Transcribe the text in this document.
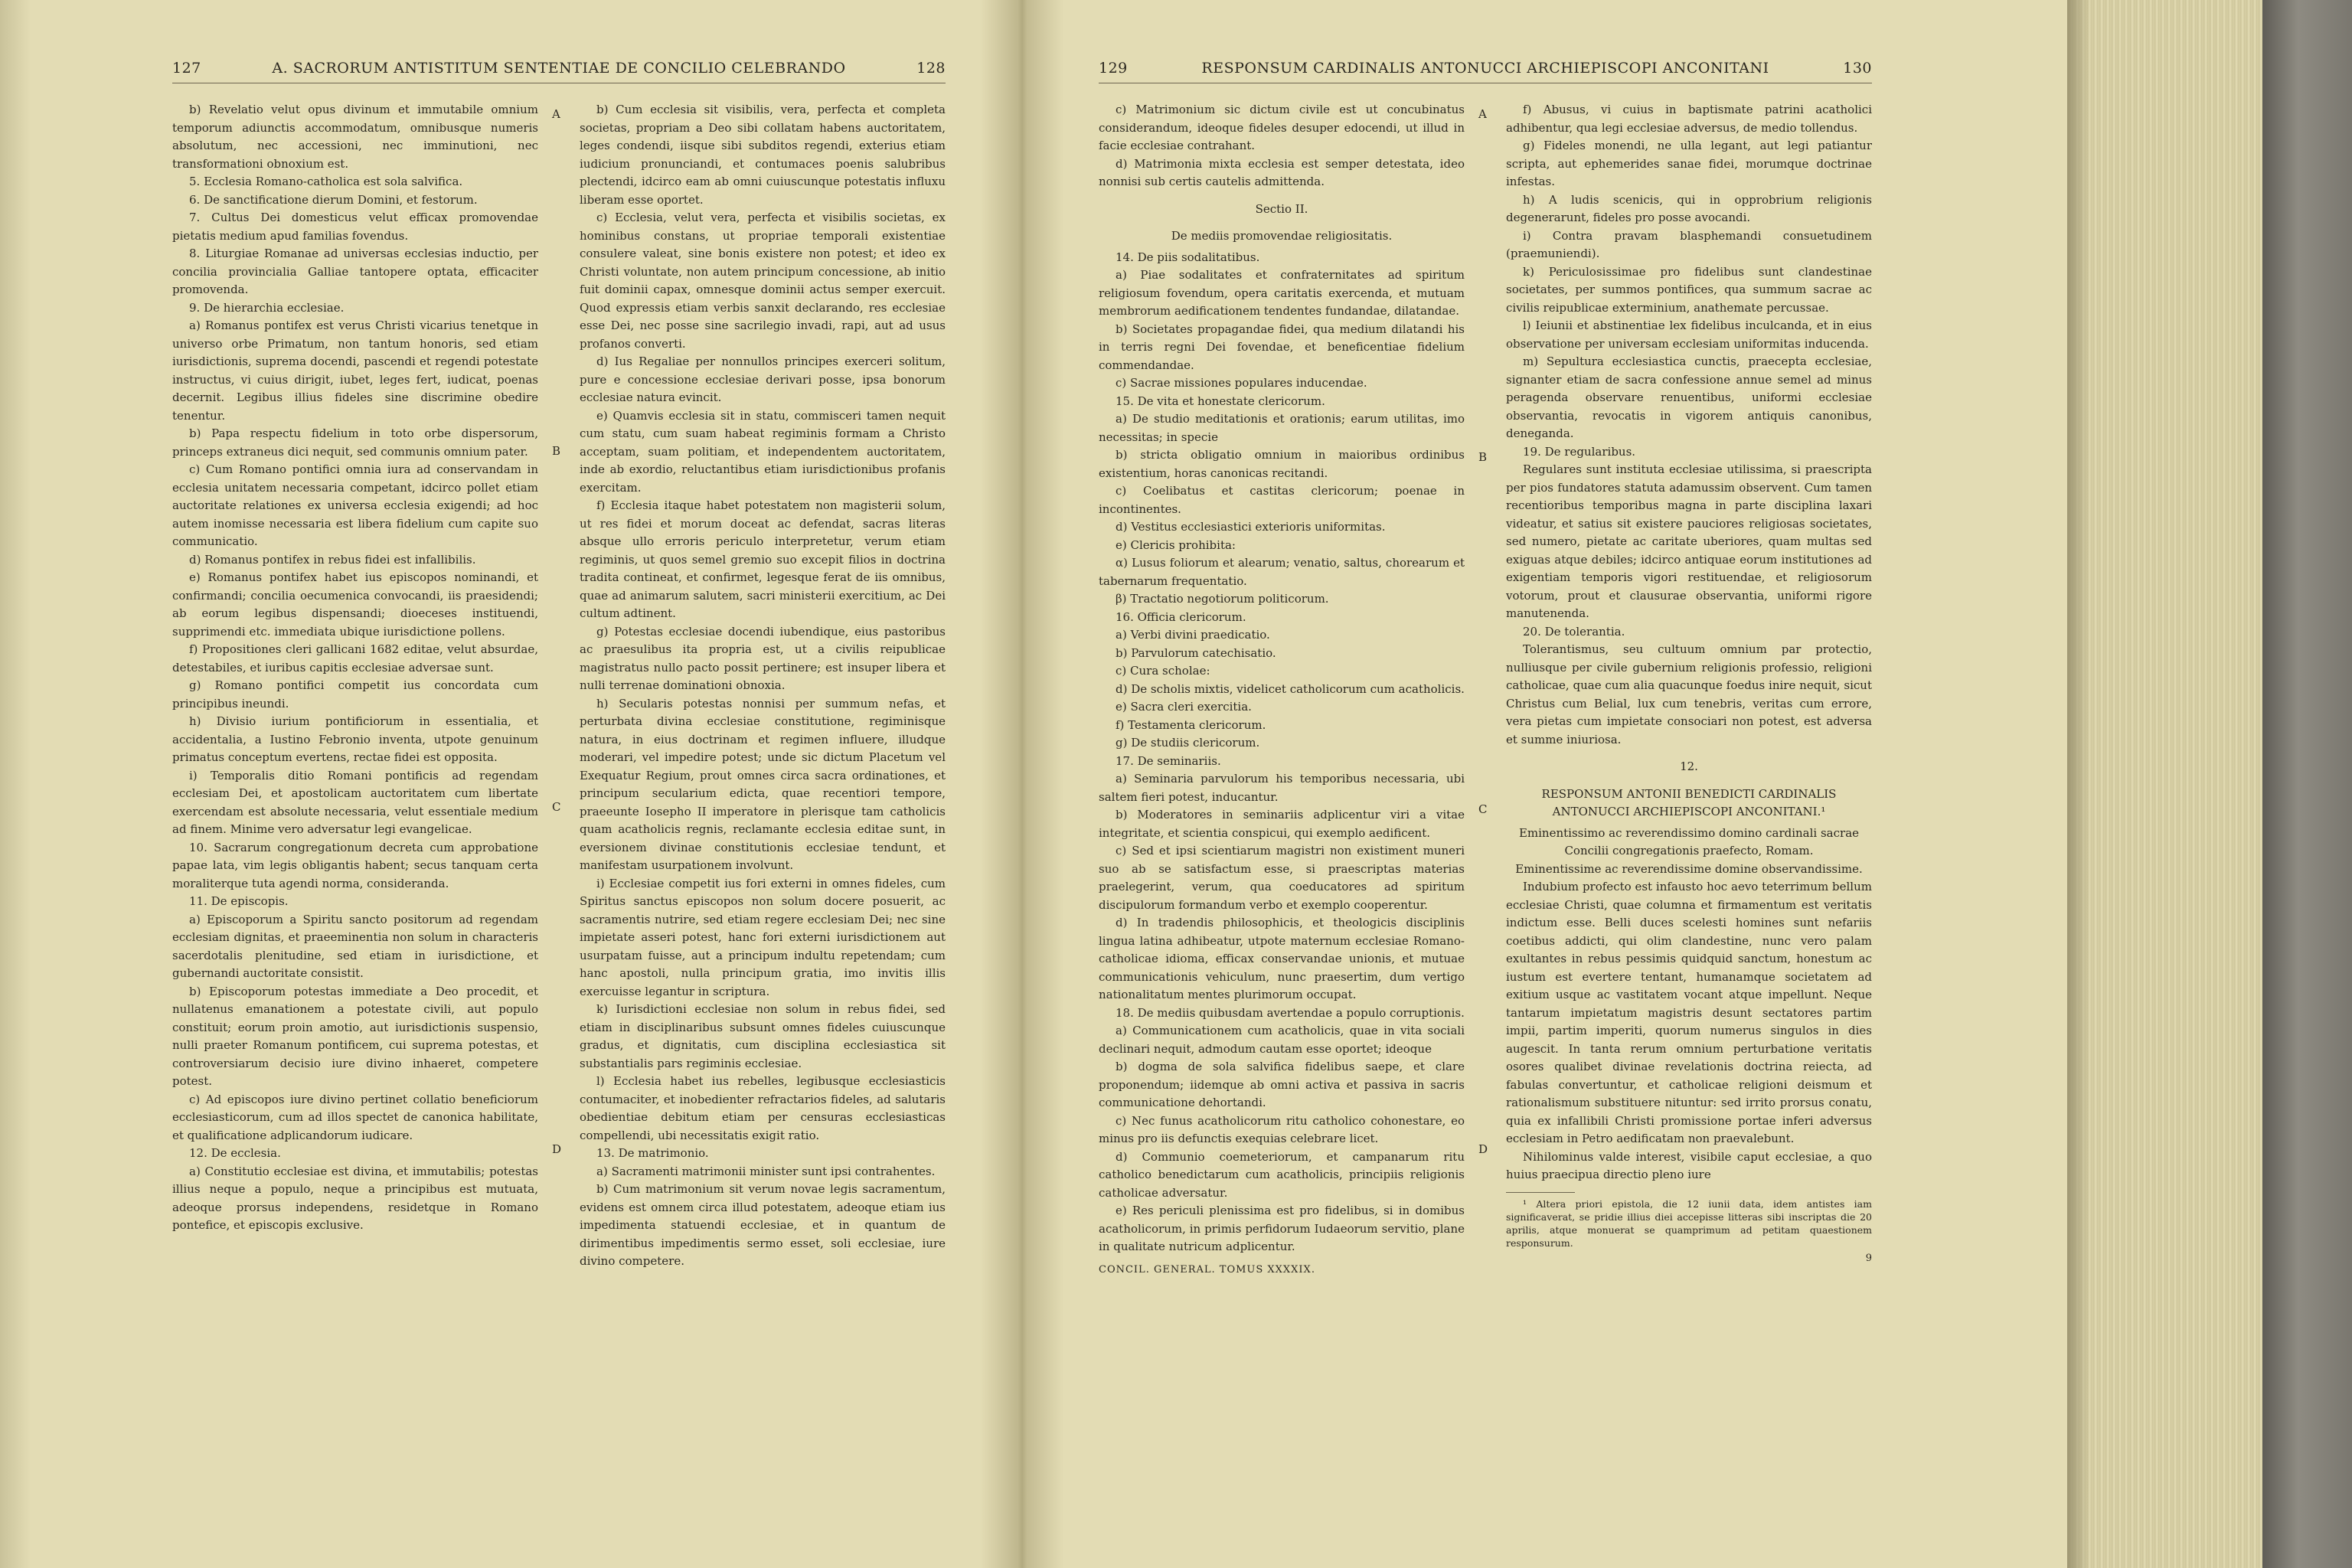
127	A. SACRORUM ANTISTITUM SENTENTIAE DE CONCILIO CELEBRANDO	128

b) Revelatio velut opus divinum et immutabile omnium temporum adiunctis accommodatum, omnibusque numeris absolutum, nec accessioni, nec imminutioni, nec transformationi obnoxium est.

5. Ecclesia Romano-catholica est sola salvifica.

6. De sanctificatione dierum Domini, et festorum.

7. Cultus Dei domesticus velut efficax promovendae pietatis medium apud familias fovendus.

8. Liturgiae Romanae ad universas ecclesias inductio, per concilia provincialia Galliae tantopere optata, efficaciter promovenda.

9. De hierarchia ecclesiae.

a) Romanus pontifex est verus Christi vicarius tenetque in universo orbe Primatum, non tantum honoris, sed etiam iurisdictionis, suprema docendi, pascendi et regendi potestate instructus, vi cuius dirigit, iubet, leges fert, iudicat, poenas decernit. Legibus illius fideles sine discrimine obedire tenentur.

b) Papa respectu fidelium in toto orbe dispersorum, princeps extraneus dici nequit, sed communis omnium pater.

c) Cum Romano pontifici omnia iura ad conservandam in ecclesia unitatem necessaria competant, idcirco pollet etiam auctoritate relationes ex universa ecclesia exigendi; ad hoc autem inomisse necessaria est libera fidelium cum capite suo communicatio.

d) Romanus pontifex in rebus fidei est infallibilis.

e) Romanus pontifex habet ius episcopos nominandi, et confirmandi; concilia oecumenica convocandi, iis praesidendi; ab eorum legibus dispensandi; dioeceses instituendi, supprimendi etc. immediata ubique iurisdictione pollens.

f) Propositiones cleri gallicani 1682 editae, velut absurdae, detestabiles, et iuribus capitis ecclesiae adversae sunt.

g) Romano pontifici competit ius concordata cum principibus ineundi.

h) Divisio iurium pontificiorum in essentialia, et accidentalia, a Iustino Febronio inventa, utpote genuinum primatus conceptum evertens, rectae fidei est opposita.

i) Temporalis ditio Romani pontificis ad regendam ecclesiam Dei, et apostolicam auctoritatem cum libertate exercendam est absolute necessaria, velut essentiale medium ad finem. Minime vero adversatur legi evangelicae.

10. Sacrarum congregationum decreta cum approbatione papae lata, vim legis obligantis habent; secus tanquam certa moraliterque tuta agendi norma, consideranda.

11. De episcopis.

a) Episcoporum a Spiritu sancto positorum ad regendam ecclesiam dignitas, et praeeminentia non solum in characteris sacerdotalis plenitudine, sed etiam in iurisdictione, et gubernandi auctoritate consistit.

b) Episcoporum potestas immediate a Deo procedit, et nullatenus emanationem a potestate civili, aut populo constituit; eorum proin amotio, aut iurisdictionis suspensio, nulli praeter Romanum pontificem, cui suprema potestas, et controversiarum decisio iure divino inhaeret, competere potest.

c) Ad episcopos iure divino pertinet collatio beneficiorum ecclesiasticorum, cum ad illos spectet de canonica habilitate, et qualificatione adplicandorum iudicare.

12. De ecclesia.

a) Constitutio ecclesiae est divina, et immutabilis; potestas illius neque a populo, neque a principibus est mutuata, adeoque prorsus independens, residetque in Romano pontefice, et episcopis exclusive.

b) Cum ecclesia sit visibilis, vera, perfecta et completa societas, propriam a Deo sibi collatam habens auctoritatem, leges condendi, iisque sibi subditos regendi, exterius etiam iudicium pronunciandi, et contumaces poenis salubribus plectendi, idcirco eam ab omni cuiuscunque potestatis influxu liberam esse oportet.

c) Ecclesia, velut vera, perfecta et visibilis societas, ex hominibus constans, ut propriae temporali existentiae consulere valeat, sine bonis existere non potest; et ideo ex Christi voluntate, non autem principum concessione, ab initio fuit dominii capax, omnesque dominii actus semper exercuit. Quod expressis etiam verbis sanxit declarando, res ecclesiae esse Dei, nec posse sine sacrilegio invadi, rapi, aut ad usus profanos converti.

d) Ius Regaliae per nonnullos principes exerceri solitum, pure e concessione ecclesiae derivari posse, ipsa bonorum ecclesiae natura evincit.

e) Quamvis ecclesia sit in statu, commisceri tamen nequit cum statu, cum suam habeat regiminis formam a Christo acceptam, suam politiam, et independentem auctoritatem, inde ab exordio, reluctantibus etiam iurisdictionibus profanis exercitam.

f) Ecclesia itaque habet potestatem non magisterii solum, ut res fidei et morum doceat ac defendat, sacras literas absque ullo erroris periculo interpretetur, verum etiam regiminis, ut quos semel gremio suo excepit filios in doctrina tradita contineat, et confirmet, legesque ferat de iis omnibus, quae ad animarum salutem, sacri ministerii exercitium, ac Dei cultum adtinent.

g) Potestas ecclesiae docendi iubendique, eius pastoribus ac praesulibus ita propria est, ut a civilis reipublicae magistratus nullo pacto possit pertinere; est insuper libera et nulli terrenae dominationi obnoxia.

h) Secularis potestas nonnisi per summum nefas, et perturbata divina ecclesiae constitutione, regiminisque natura, in eius doctrinam et regimen influere, illudque moderari, vel impedire potest; unde sic dictum Placetum vel Exequatur Regium, prout omnes circa sacra ordinationes, et principum secularium edicta, quae recentiori tempore, praeeunte Iosepho II imperatore in plerisque tam catholicis quam acatholicis regnis, reclamante ecclesia editae sunt, in eversionem divinae constitutionis ecclesiae tendunt, et manifestam usurpationem involvunt.

i) Ecclesiae competit ius fori externi in omnes fideles, cum Spiritus sanctus episcopos non solum docere posuerit, ac sacramentis nutrire, sed etiam regere ecclesiam Dei; nec sine impietate asseri potest, hanc fori externi iurisdictionem aut usurpatam fuisse, aut a principum indultu repetendam; cum hanc apostoli, nulla principum gratia, imo invitis illis exercuisse legantur in scriptura.

k) Iurisdictioni ecclesiae non solum in rebus fidei, sed etiam in disciplinaribus subsunt omnes fideles cuiuscunque gradus, et dignitatis, cum disciplina ecclesiastica sit substantialis pars regiminis ecclesiae.

l) Ecclesia habet ius rebelles, legibusque ecclesiasticis contumaciter, et inobedienter refractarios fideles, ad salutaris obedientiae debitum etiam per censuras ecclesiasticas compellendi, ubi necessitatis exigit ratio.

13. De matrimonio.

a) Sacramenti matrimonii minister sunt ipsi contrahentes.

b) Cum matrimonium sit verum novae legis sacramentum, evidens est omnem circa illud potestatem, adeoque etiam ius impedimenta statuendi ecclesiae, et in quantum de dirimentibus impedimentis sermo esset, soli ecclesiae, iure divino competere.

A
B
C
D
129	RESPONSUM CARDINALIS ANTONUCCI ARCHIEPISCOPI ANCONITANI	130

c) Matrimonium sic dictum civile est ut concubinatus considerandum, ideoque fideles desuper edocendi, ut illud in facie ecclesiae contrahant.

d) Matrimonia mixta ecclesia est semper detestata, ideo nonnisi sub certis cautelis admittenda.

Sectio II.

De mediis promovendae religiositatis.

14. De piis sodalitatibus.

a) Piae sodalitates et confraternitates ad spiritum religiosum fovendum, opera caritatis exercenda, et mutuam membrorum aedificationem tendentes fundandae, dilatandae.

b) Societates propagandae fidei, qua medium dilatandi his in terris regni Dei fovendae, et beneficentiae fidelium commendandae.

c) Sacrae missiones populares inducendae.

15. De vita et honestate clericorum.

a) De studio meditationis et orationis; earum utilitas, imo necessitas; in specie

b) stricta obligatio omnium in maioribus ordinibus existentium, horas canonicas recitandi.

c) Coelibatus et castitas clericorum; poenae in incontinentes.

d) Vestitus ecclesiastici exterioris uniformitas.

e) Clericis prohibita:

α) Lusus foliorum et alearum; venatio, saltus, chorearum et tabernarum frequentatio.

β) Tractatio negotiorum politicorum.

16. Officia clericorum.

a) Verbi divini praedicatio.

b) Parvulorum catechisatio.

c) Cura scholae:

d) De scholis mixtis, videlicet catholicorum cum acatholicis.

e) Sacra cleri exercitia.

f) Testamenta clericorum.

g) De studiis clericorum.

17. De seminariis.

a) Seminaria parvulorum his temporibus necessaria, ubi saltem fieri potest, inducantur.

b) Moderatores in seminariis adplicentur viri a vitae integritate, et scientia conspicui, qui exemplo aedificent.

c) Sed et ipsi scientiarum magistri non existiment muneri suo ab se satisfactum esse, si praescriptas materias praelegerint, verum, qua coeducatores ad spiritum discipulorum formandum verbo et exemplo cooperentur.

d) In tradendis philosophicis, et theologicis disciplinis lingua latina adhibeatur, utpote maternum ecclesiae Romano-catholicae idioma, efficax conservandae unionis, et mutuae communicationis vehiculum, nunc praesertim, dum vertigo nationalitatum mentes plurimorum occupat.

18. De mediis quibusdam avertendae a populo corruptionis.

a) Communicationem cum acatholicis, quae in vita sociali declinari nequit, admodum cautam esse oportet; ideoque

b) dogma de sola salvifica fidelibus saepe, et clare proponendum; iidemque ab omni activa et passiva in sacris communicatione dehortandi.

c) Nec funus acatholicorum ritu catholico cohonestare, eo minus pro iis defunctis exequias celebrare licet.

d) Communio coemeteriorum, et campanarum ritu catholico benedictarum cum acatholicis, principiis religionis catholicae adversatur.

e) Res periculi plenissima est pro fidelibus, si in domibus acatholicorum, in primis perfidorum Iudaeorum servitio, plane in qualitate nutricum adplicentur.

CONCIL. GENERAL. TOMUS XXXXIX.

f) Abusus, vi cuius in baptismate patrini acatholici adhibentur, qua legi ecclesiae adversus, de medio tollendus.

g) Fideles monendi, ne ulla legant, aut legi patiantur scripta, aut ephemerides sanae fidei, morumque doctrinae infestas.

h) A ludis scenicis, qui in opprobrium religionis degenerarunt, fideles pro posse avocandi.

i) Contra pravam blasphemandi consuetudinem (praemuniendi).

k) Periculosissimae pro fidelibus sunt clandestinae societates, per summos pontifices, qua summum sacrae ac civilis reipublicae exterminium, anathemate percussae.

l) Ieiunii et abstinentiae lex fidelibus inculcanda, et in eius observatione per universam ecclesiam uniformitas inducenda.

m) Sepultura ecclesiastica cunctis, praecepta ecclesiae, signanter etiam de sacra confessione annue semel ad minus peragenda observare renuentibus, uniformi ecclesiae observantia, revocatis in vigorem antiquis canonibus, deneganda.

19. De regularibus.

Regulares sunt instituta ecclesiae utilissima, si praescripta per pios fundatores statuta adamussim observent. Cum tamen recentioribus temporibus magna in parte disciplina laxari videatur, et satius sit existere pauciores religiosas societates, sed numero, pietate ac caritate uberiores, quam multas sed exiguas atque debiles; idcirco antiquae eorum institutiones ad exigentiam temporis vigori restituendae, et religiosorum votorum, prout et clausurae observantia, uniformi rigore manutenenda.

20. De tolerantia.

Tolerantismus, seu cultuum omnium par protectio, nulliusque per civile gubernium religionis professio, religioni catholicae, quae cum alia quacunque foedus inire nequit, sicut Christus cum Belial, lux cum tenebris, veritas cum errore, vera pietas cum impietate consociari non potest, est adversa et summe iniuriosa.

12.

RESPONSUM ANTONII BENEDICTI CARDINALIS ANTONUCCI ARCHIEPISCOPI ANCONITANI.¹

Eminentissimo ac reverendissimo domino cardinali sacrae Concilii congregationis praefecto, Romam.

Eminentissime ac reverendissime domine observandissime.

Indubium profecto est infausto hoc aevo teterrimum bellum ecclesiae Christi, quae columna et firmamentum est veritatis indictum esse. Belli duces scelesti homines sunt nefariis coetibus addicti, qui olim clandestine, nunc vero palam exultantes in rebus pessimis quidquid sanctum, honestum ac iustum est evertere tentant, humanamque societatem ad exitium usque ac vastitatem vocant atque impellunt. Neque tantarum impietatum magistris desunt sectatores partim impii, partim imperiti, quorum numerus singulos in dies augescit. In tanta rerum omnium perturbatione veritatis osores qualibet divinae revelationis doctrina reiecta, ad fabulas convertuntur, et catholicae religioni deismum et rationalismum substituere nituntur: sed irrito prorsus conatu, quia ex infallibili Christi promissione portae inferi adversus ecclesiam in Petro aedificatam non praevalebunt.

Nihilominus valde interest, visibile caput ecclesiae, a quo huius praecipua directio pleno iure

¹ Altera priori epistola, die 12 iunii data, idem antistes iam significaverat, se pridie illius diei accepisse litteras sibi inscriptas die 20 aprilis, atque monuerat se quamprimum ad petitam quaestionem responsurum.

9

A
B
C
D
